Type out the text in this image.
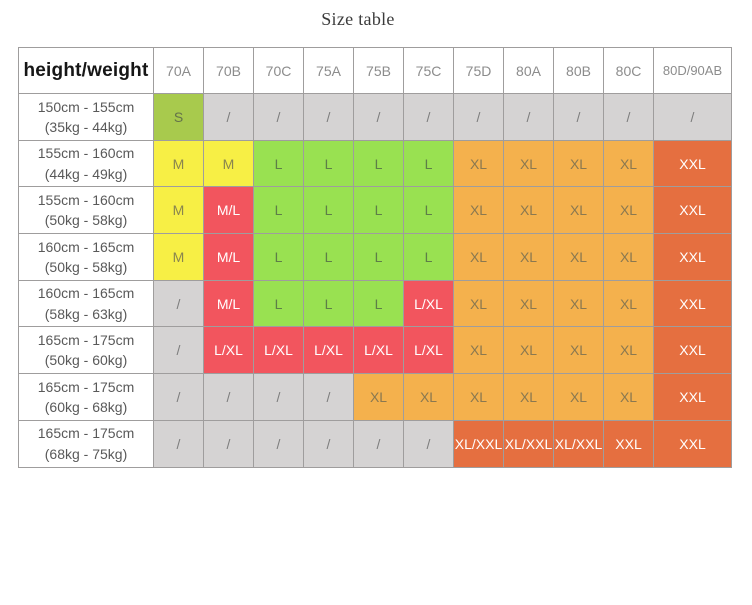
Size table
height/weight	70A	70B	70C	75A	75B	75C	75D	80A	80B	80C	80D/90AB

150cm - 155cm
(35kg - 44kg)	S	/	/	/	/	/	/	/	/	/	/

155cm - 160cm
(44kg - 49kg)	M	M	L	L	L	L	XL	XL	XL	XL	XXL

155cm - 160cm
(50kg - 58kg)	M	M/L	L	L	L	L	XL	XL	XL	XL	XXL

160cm - 165cm
(50kg - 58kg)	M	M/L	L	L	L	L	XL	XL	XL	XL	XXL

160cm - 165cm
(58kg - 63kg)	/	M/L	L	L	L	L/XL	XL	XL	XL	XL	XXL

165cm - 175cm
(50kg - 60kg)	/	L/XL	L/XL	L/XL	L/XL	L/XL	XL	XL	XL	XL	XXL

165cm - 175cm
(60kg - 68kg)	/	/	/	/	XL	XL	XL	XL	XL	XL	XXL

165cm - 175cm
(68kg - 75kg)	/	/	/	/	/	/	XL/XXL	XL/XXL	XL/XXL	XXL	XXL
